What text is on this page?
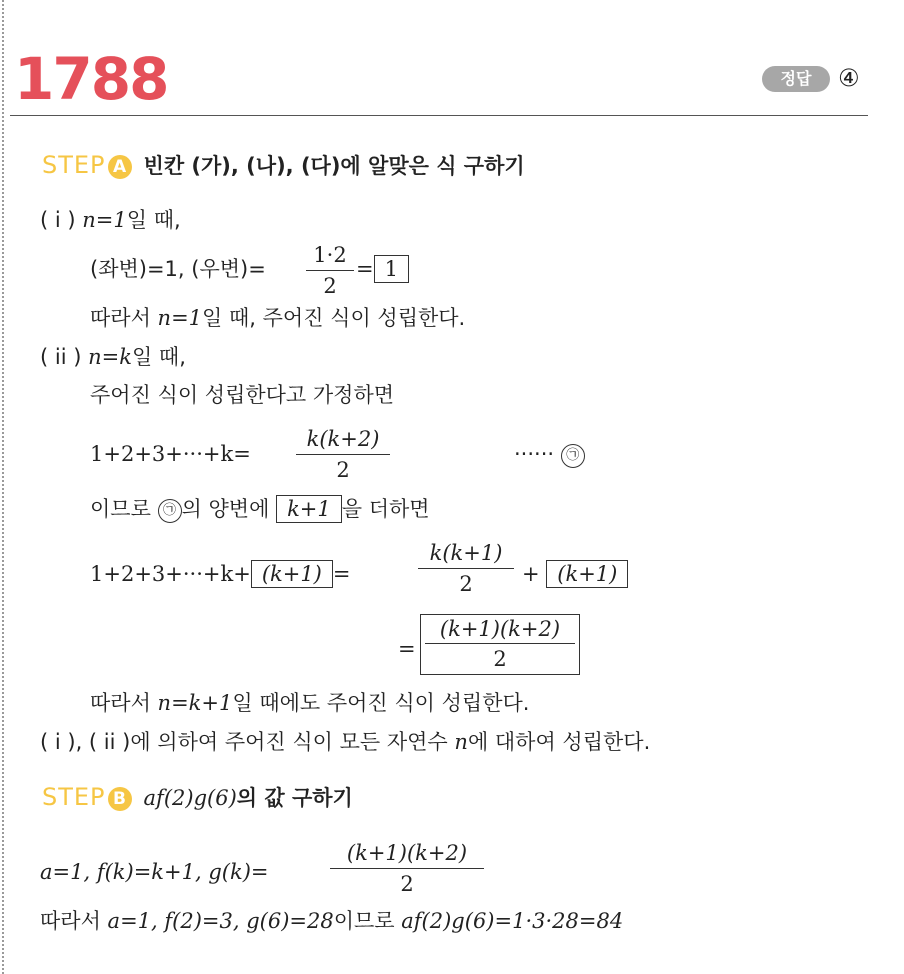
1788	정답	④
STEP A 빈칸 (가), (나), (다)에 알맞은 식 구하기
( i ) n=1일 때,
(좌변)=1, (우변)=
1·2
2
= 1
따라서 n=1일 때, 주어진 식이 성립한다.
( ii ) n=k일 때,
주어진 식이 성립한다고 가정하면
1+2+3+···+k=
k(k+2)
2
······ ㉠
이므로 ㉠ 의 양변에 k+1 을 더하면
1+2+3+···+k+ (k+1) =
k(k+1)
2	+ (k+1)
=
(k+1)(k+2)
2
따라서 n=k+1일 때에도 주어진 식이 성립한다.
( i ), ( ii )에 의하여 주어진 식이 모든 자연수 n에 대하여 성립한다.
STEP B af(2)g(6)의 값 구하기
a=1, f(k)=k+1, g(k)=
(k+1)(k+2)
2
따라서 a=1, f(2)=3, g(6)=28이므로 af(2)g(6)=1·3·28=84
